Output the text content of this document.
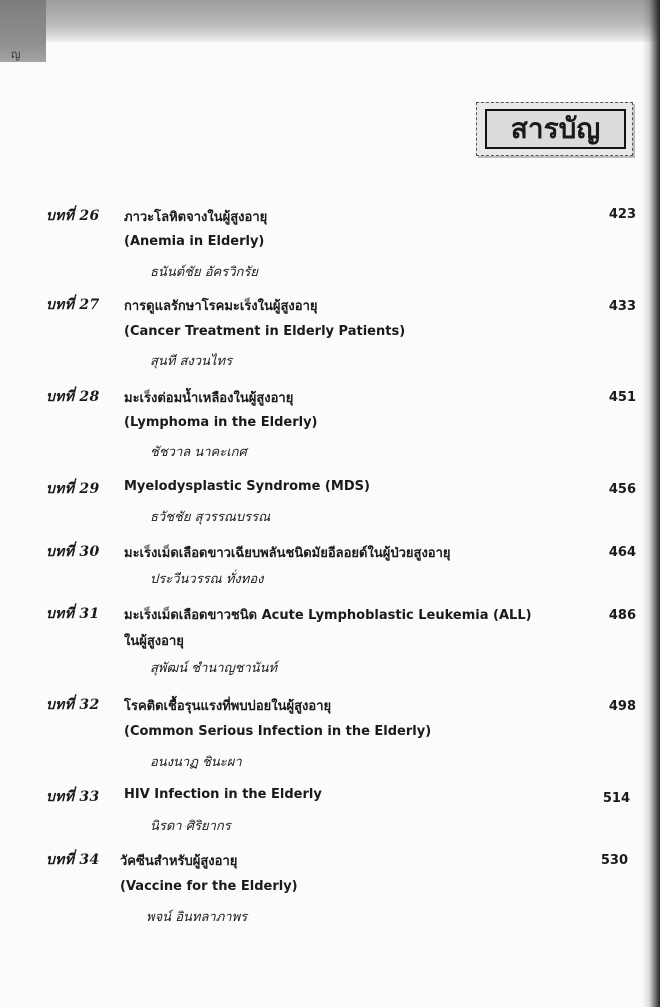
ญ
สารบัญ
บทที่ 26	ภาวะโลหิตจางในผู้สูงอายุ
(Anemia in Elderly)
ธนันต์ชัย อัครวิกรัย
423
บทที่ 27	การดูแลรักษาโรคมะเร็งในผู้สูงอายุ
(Cancer Treatment in Elderly Patients)
สุนที สงวนไทร
433
บทที่ 28	มะเร็งต่อมน้ำเหลืองในผู้สูงอายุ
(Lymphoma in the Elderly)
ชัชวาล นาคะเกศ
451
บทที่ 29	Myelodysplastic Syndrome (MDS)
ธวัชชัย สุวรรณบรรณ
456
บทที่ 30	มะเร็งเม็ดเลือดขาวเฉียบพลันชนิดมัยอีลอยด์ในผู้ป่วยสูงอายุ
ประวีนวรรณ ทั่งทอง
464
บทที่ 31	มะเร็งเม็ดเลือดขาวชนิด Acute Lymphoblastic Leukemia (ALL)
ในผู้สูงอายุ
สุพัฒน์ ชำนาญชานันท์
486
บทที่ 32	โรคติดเชื้อรุนแรงที่พบบ่อยในผู้สูงอายุ
(Common Serious Infection in the Elderly)
อนงนาฏ ชินะผา
498
บทที่ 33	HIV Infection in the Elderly
นิรดา ศิริยากร
514
บทที่ 34	วัคซีนสำหรับผู้สูงอายุ
(Vaccine for the Elderly)
พจน์ อินทลาภาพร
530
